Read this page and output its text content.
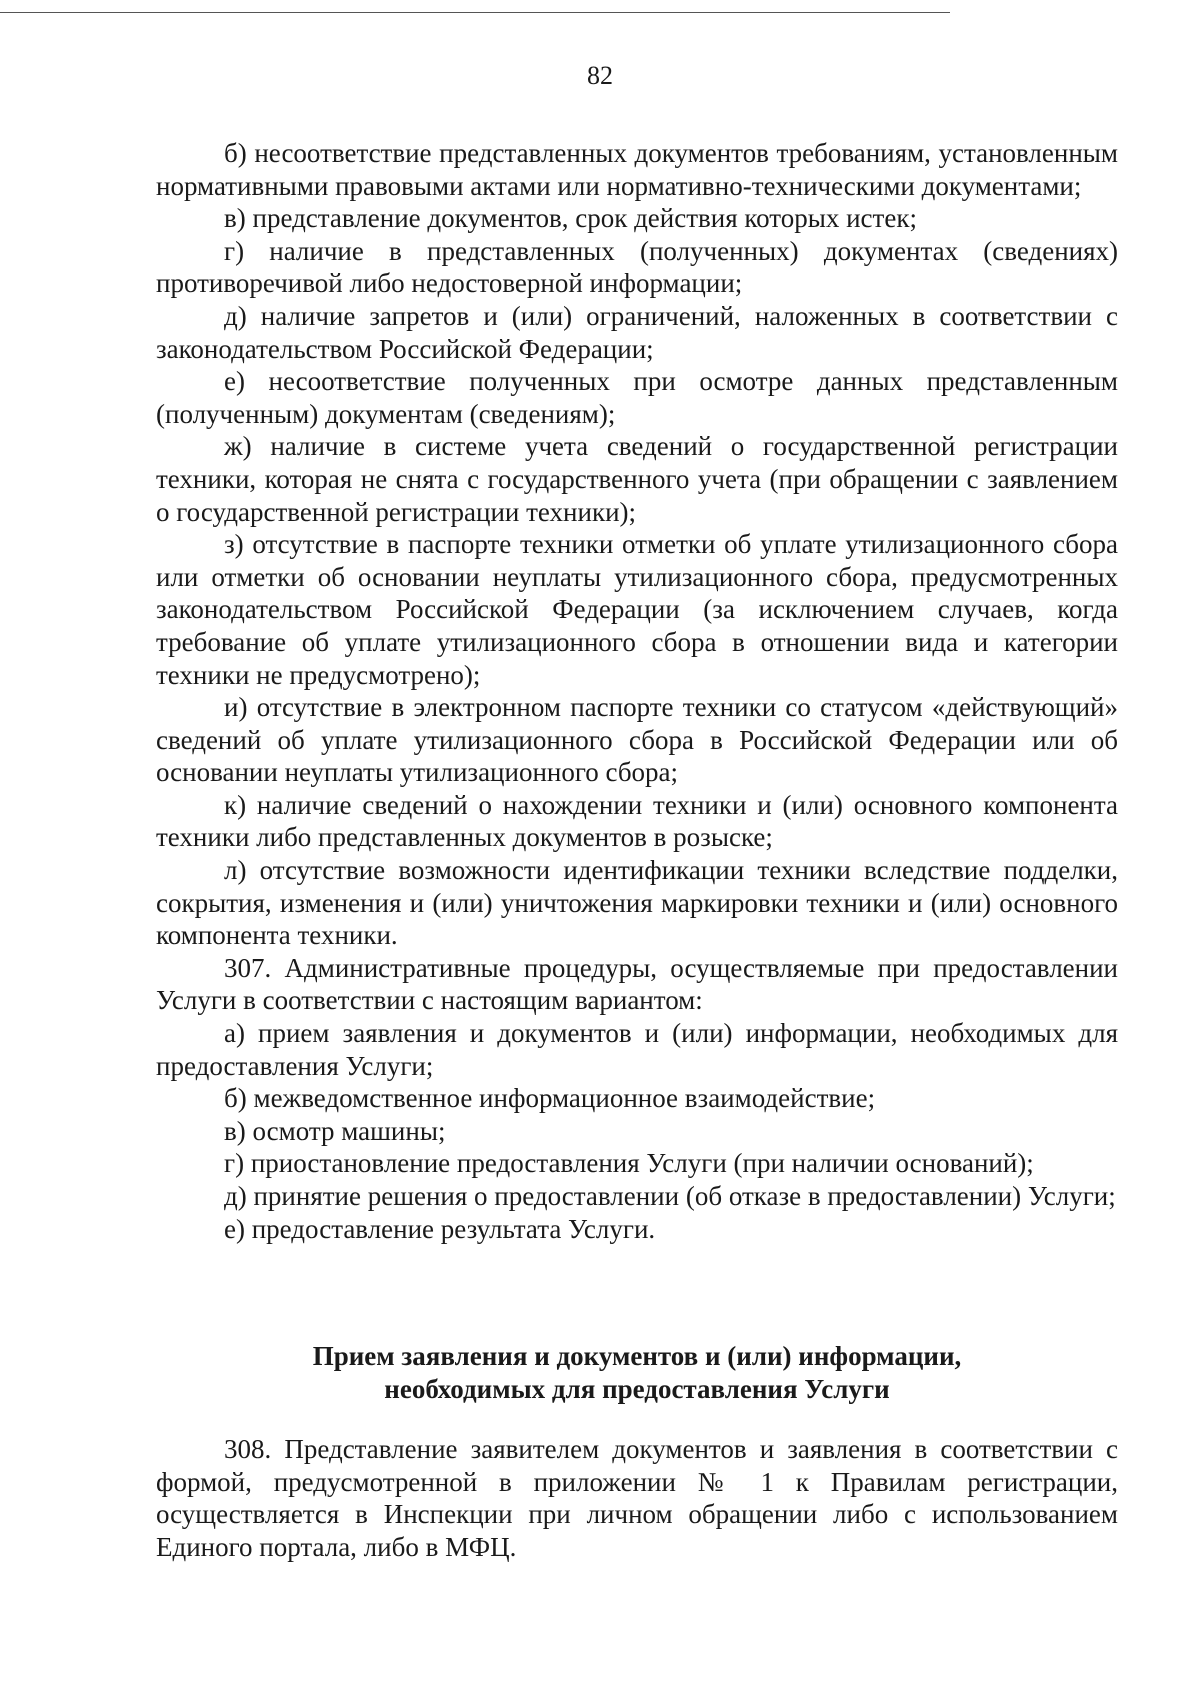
82

б) несоответствие представленных документов требованиям, установленным нормативными правовыми актами или нормативно-техническими документами;

в) представление документов, срок действия которых истек;

г) наличие в представленных (полученных) документах (сведениях) противоречивой либо недостоверной информации;

д) наличие запретов и (или) ограничений, наложенных в соответствии с законодательством Российской Федерации;

е) несоответствие полученных при осмотре данных представленным (полученным) документам (сведениям);

ж) наличие в системе учета сведений о государственной регистрации техники, которая не снята с государственного учета (при обращении с заявлением о государственной регистрации техники);

з) отсутствие в паспорте техники отметки об уплате утилизационного сбора или отметки об основании неуплаты утилизационного сбора, предусмотренных законодательством Российской Федерации (за исключением случаев, когда требование об уплате утилизационного сбора в отношении вида и категории техники не предусмотрено);

и) отсутствие в электронном паспорте техники со статусом «действующий» сведений об уплате утилизационного сбора в Российской Федерации или об основании неуплаты утилизационного сбора;

к) наличие сведений о нахождении техники и (или) основного компонента техники либо представленных документов в розыске;

л) отсутствие возможности идентификации техники вследствие подделки, сокрытия, изменения и (или) уничтожения маркировки техники и (или) основного компонента техники.

307. Административные процедуры, осуществляемые при предоставлении Услуги в соответствии с настоящим вариантом:

а) прием заявления и документов и (или) информации, необходимых для предоставления Услуги;

б) межведомственное информационное взаимодействие;

в) осмотр машины;

г) приостановление предоставления Услуги (при наличии оснований);

д) принятие решения о предоставлении (об отказе в предоставлении) Услуги;

е) предоставление результата Услуги.

Прием заявления и документов и (или) информации,
необходимых для предоставления Услуги

308. Представление заявителем документов и заявления в соответствии с формой, предусмотренной в приложении № 1 к Правилам регистрации, осуществляется в Инспекции при личном обращении либо с использованием Единого портала, либо в МФЦ.
